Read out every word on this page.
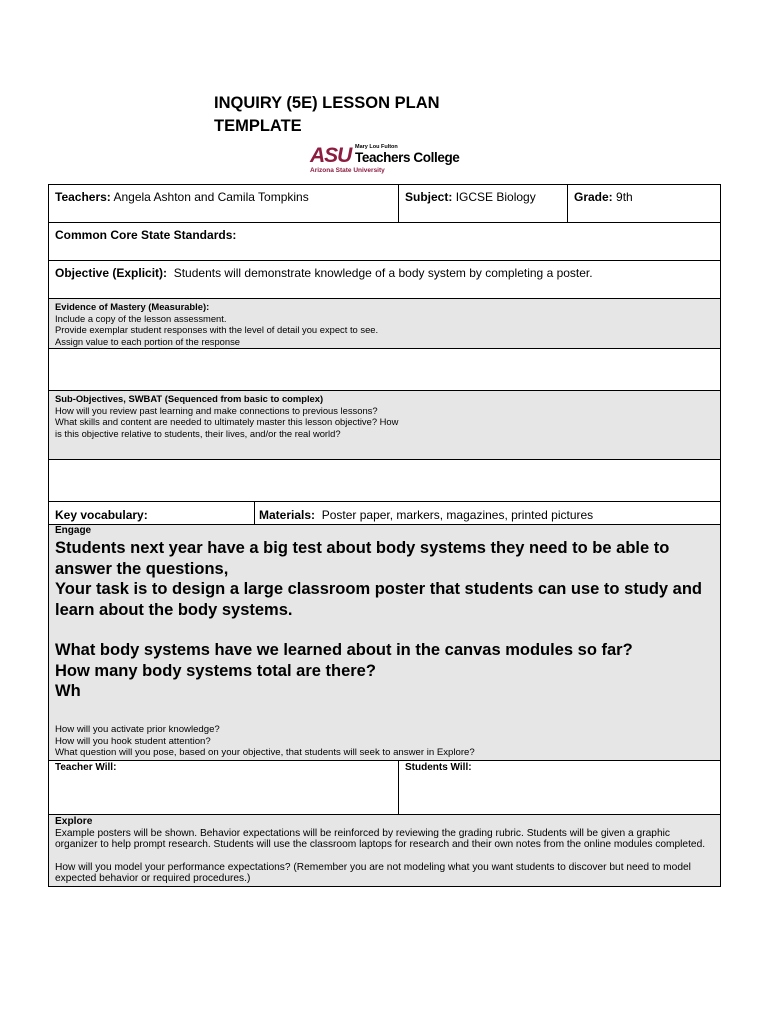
INQUIRY (5E) LESSON PLAN
TEMPLATE
ASU Mary Lou Fulton
Teachers College
Arizona State University
Teachers: Angela Ashton and Camila Tompkins	Subject: IGCSE Biology	Grade: 9th
Common Core State Standards:
Objective (Explicit): Students will demonstrate knowledge of a body system by completing a poster.
Evidence of Mastery (Measurable):
Include a copy of the lesson assessment.
Provide exemplar student responses with the level of detail you expect to see.
Assign value to each portion of the response
Sub-Objectives, SWBAT (Sequenced from basic to complex)
How will you review past learning and make connections to previous lessons?
What skills and content are needed to ultimately master this lesson objective? How
is this objective relative to students, their lives, and/or the real world?
Key vocabulary:	Materials: Poster paper, markers, magazines, printed pictures
Engage

Students next year have a big test about body systems they need to be able to answer the questions,

Your task is to design a large classroom poster that students can use to study and learn about the body systems.

What body systems have we learned about in the canvas modules so far?

How many body systems total are there?

Wh

How will you activate prior knowledge?
How will you hook student attention?
What question will you pose, based on your objective, that students will seek to answer in Explore?
Teacher Will:	Students Will:

Explore

Example posters will be shown. Behavior expectations will be reinforced by reviewing the grading rubric. Students will be given a graphic organizer to help prompt research. Students will use the classroom laptops for research and their own notes from the online modules completed.

How will you model your performance expectations? (Remember you are not modeling what you want students to discover but need to model expected behavior or required procedures.)
